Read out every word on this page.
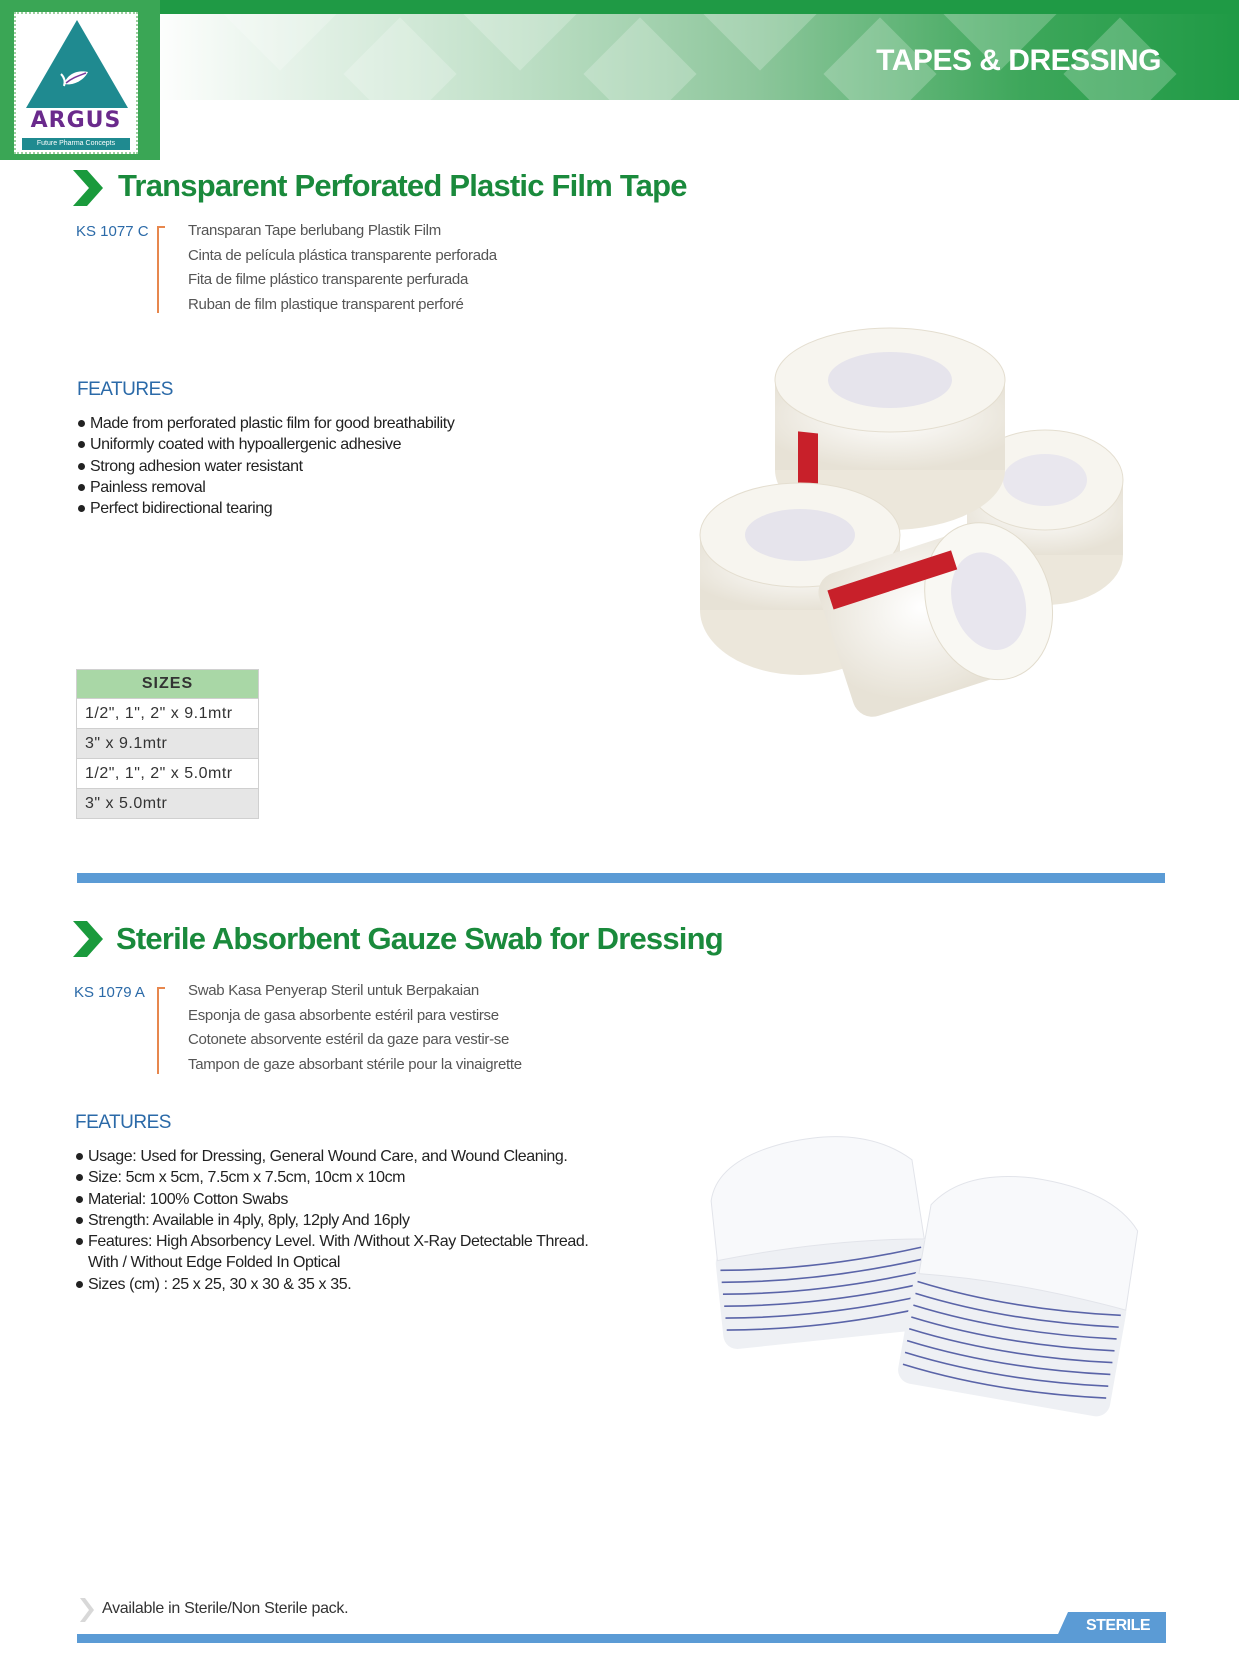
TAPES & DRESSING
ARGUS
Future Pharma Concepts
Transparent Perforated Plastic Film Tape
KS 1077 C	Transparan Tape berlubang Plastik Film
Cinta de película plástica transparente perforada
Fita de filme plástico transparente perfurada
Ruban de film plastique transparent perforé
FEATURES
Made from perforated plastic film for good breathability
Uniformly coated with hypoallergenic adhesive
Strong adhesion water resistant
Painless removal
Perfect bidirectional tearing
SIZES
1/2", 1", 2" x 9.1mtr
3" x 9.1mtr
1/2", 1", 2" x 5.0mtr
3" x 5.0mtr
Sterile Absorbent Gauze Swab for Dressing
KS 1079 A	Swab Kasa Penyerap Steril untuk Berpakaian
Esponja de gasa absorbente estéril para vestirse
Cotonete absorvente estéril da gaze para vestir-se
Tampon de gaze absorbant stérile pour la vinaigrette
FEATURES
Usage: Used for Dressing, General Wound Care, and Wound Cleaning.
Size: 5cm x 5cm, 7.5cm x 7.5cm, 10cm x 10cm
Material: 100% Cotton Swabs
Strength: Available in 4ply, 8ply, 12ply And 16ply
Features: High Absorbency Level. With /Without X-Ray Detectable Thread.
With / Without Edge Folded In Optical
Sizes (cm) : 25 x 25, 30 x 30 & 35 x 35.
Available in Sterile/Non Sterile pack.
STERILE
